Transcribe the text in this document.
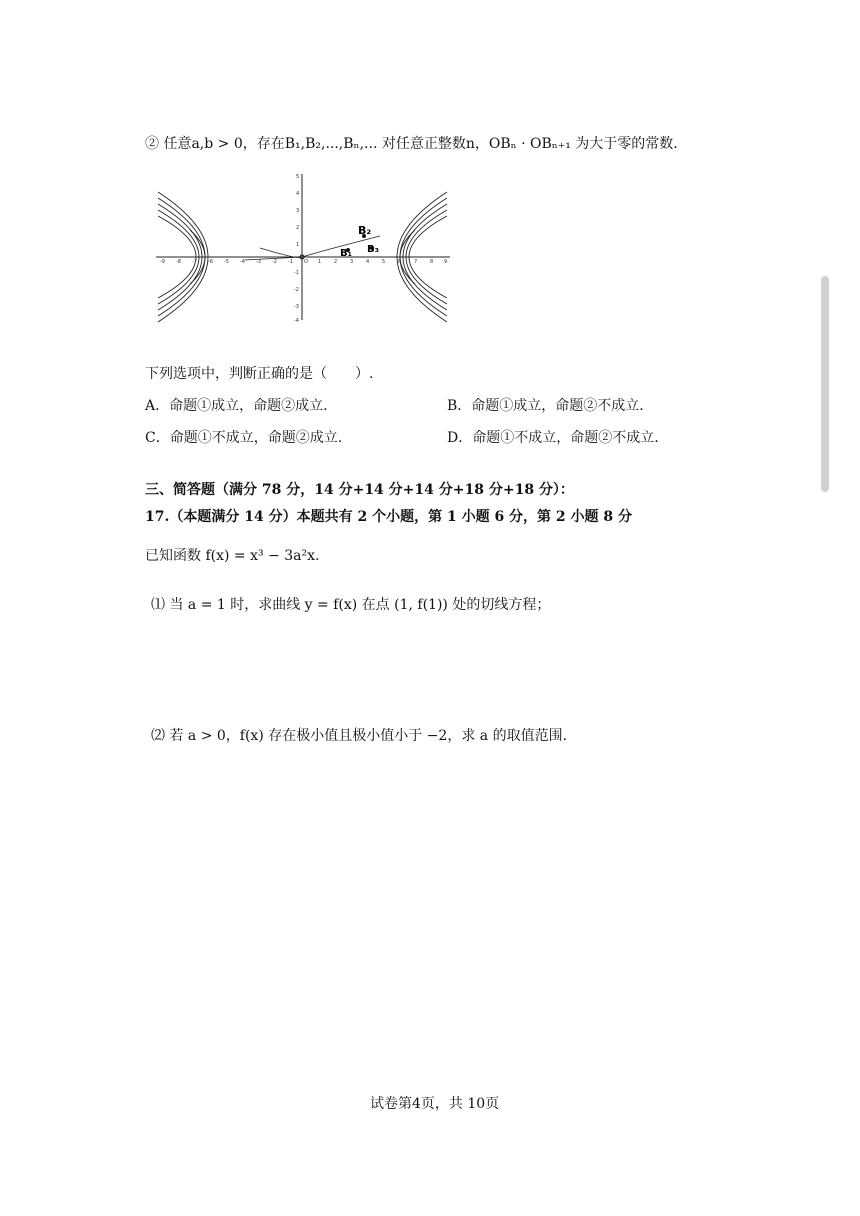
② 任意a,b > 0，存在B₁,B₂,...,Bₙ,... 对任意正整数n，OBₙ · OBₙ₊₁ 为大于零的常数.
B₁
B₂
B₃
-9 -8 -7 -6 -5 -4 -3 -2 -1 O 1	2	3	4	5	6	7	8 9
5
4
3
2
1
-1
-2
-3
-4
下列选项中，判断正确的是（　　）.
A．命题①成立，命题②成立.	B．命题①成立，命题②不成立.
C．命题①不成立，命题②成立.	D．命题①不成立，命题②不成立.
三、简答题（满分 78 分，14 分+14 分+14 分+18 分+18 分）：
17.（本题满分 14 分）本题共有 2 个小题，第 1 小题 6 分，第 2 小题 8 分
已知函数 f(x) = x³ − 3a²x.
⑴ 当 a = 1 时，求曲线 y = f(x) 在点 (1, f(1)) 处的切线方程；
⑵ 若 a > 0，f(x) 存在极小值且极小值小于 −2，求 a 的取值范围.
试卷第4页，共 10页
